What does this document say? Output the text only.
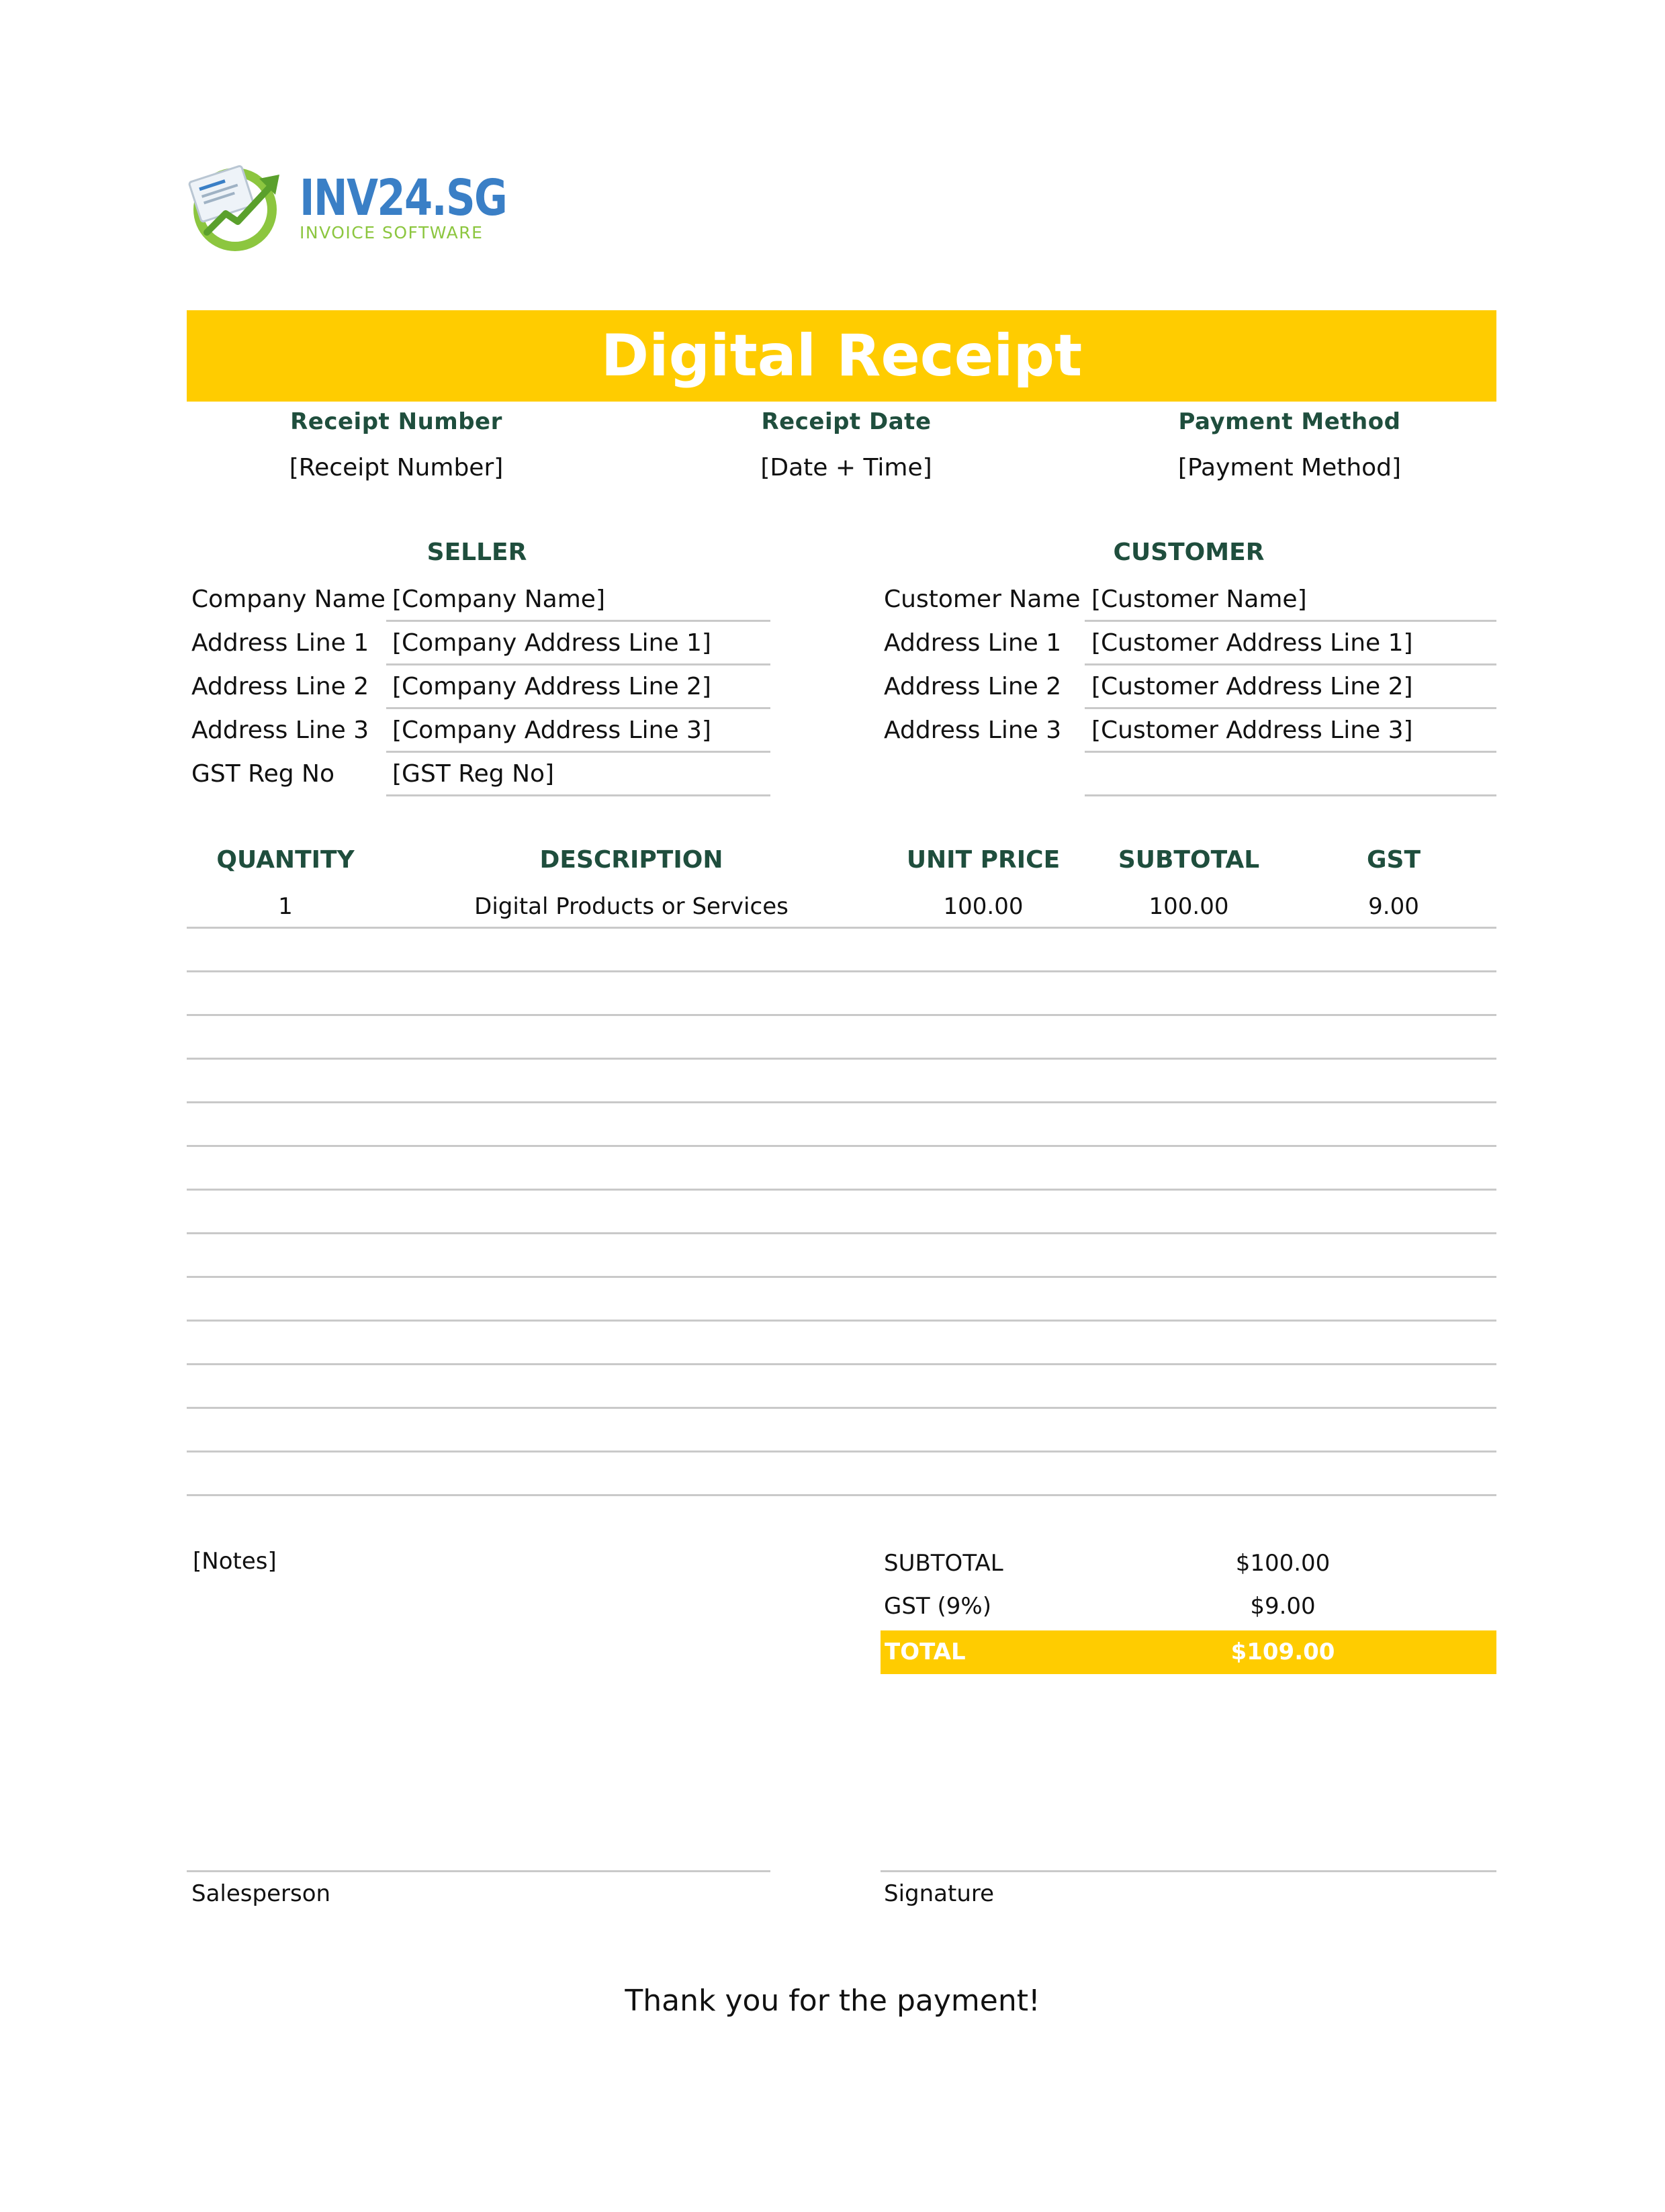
INV24.SG
INVOICE SOFTWARE
Digital Receipt
Receipt Number
[Receipt Number]
Receipt Date
[Date + Time]
Payment Method
[Payment Method]
SELLER
Company Name [Company Name]
Address Line 1 [Company Address Line 1]
Address Line 2 [Company Address Line 2]
Address Line 3 [Company Address Line 3]
GST Reg No [GST Reg No]
CUSTOMER
Customer Name [Customer Name]
Address Line 1 [Customer Address Line 1]
Address Line 2 [Customer Address Line 2]
Address Line 3 [Customer Address Line 3]
QUANTITY	DESCRIPTION	UNIT PRICE	SUBTOTAL	GST
1	Digital Products or Services	100.00	100.00	9.00
[Notes]	SUBTOTAL	$100.00
GST (9%)	$9.00
TOTAL	$109.00
Salesperson	Signature
Thank you for the payment!
